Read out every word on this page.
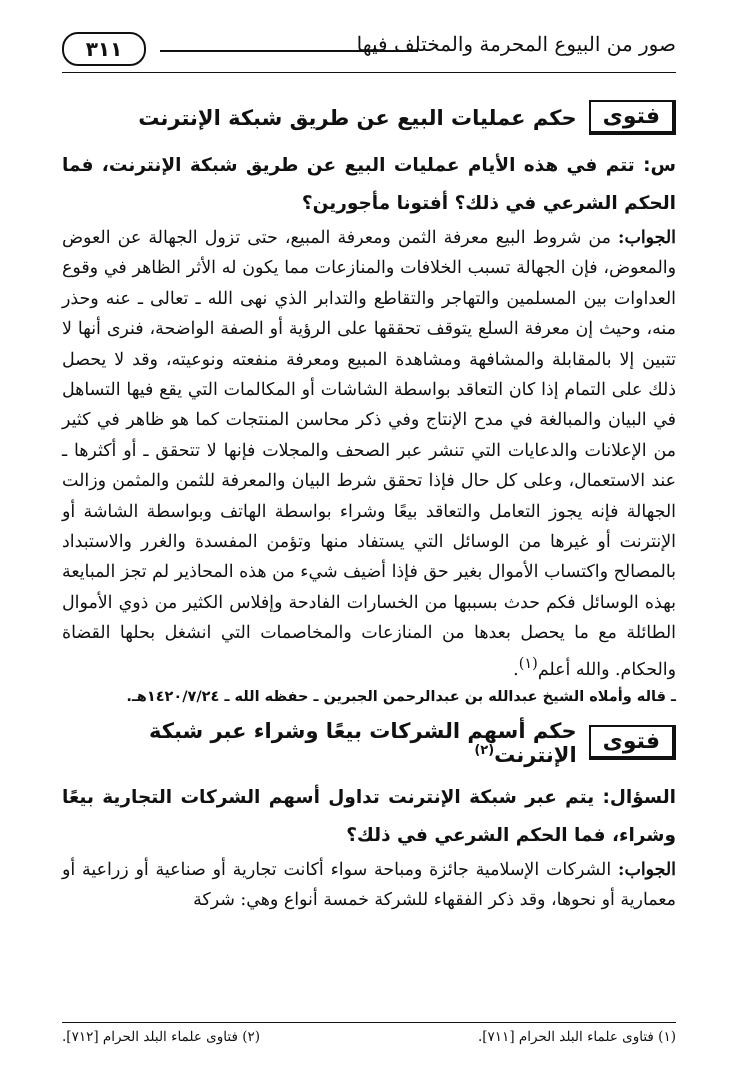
٣١١	صور من البيوع المحرمة والمختلف فيها
فتوى
حكم عمليات البيع عن طريق شبكة الإنترنت

س: تتم في هذه الأيام عمليات البيع عن طريق شبكة الإنترنت، فما الحكم الشرعي في ذلك؟ أفتونا مأجورين؟

الجواب: من شروط البيع معرفة الثمن ومعرفة المبيع، حتى تزول الجهالة عن العوض والمعوض، فإن الجهالة تسبب الخلافات والمنازعات مما يكون له الأثر الظاهر في وقوع العداوات بين المسلمين والتهاجر والتقاطع والتدابر الذي نهى الله ـ تعالى ـ عنه وحذر منه، وحيث إن معرفة السلع يتوقف تحققها على الرؤية أو الصفة الواضحة، فنرى أنها لا تتبين إلا بالمقابلة والمشافهة ومشاهدة المبيع ومعرفة منفعته ونوعيته، وقد لا يحصل ذلك على التمام إذا كان التعاقد بواسطة الشاشات أو المكالمات التي يقع فيها التساهل في البيان والمبالغة في مدح الإنتاج وفي ذكر محاسن المنتجات كما هو ظاهر في كثير من الإعلانات والدعايات التي تنشر عبر الصحف والمجلات فإنها لا تتحقق ـ أو أكثرها ـ عند الاستعمال، وعلى كل حال فإذا تحقق شرط البيان والمعرفة للثمن والمثمن وزالت الجهالة فإنه يجوز التعامل والتعاقد بيعًا وشراء بواسطة الهاتف وبواسطة الشاشة أو الإنترنت أو غيرها من الوسائل التي يستفاد منها وتؤمن المفسدة والغرر والاستبداد بالمصالح واكتساب الأموال بغير حق فإذا أضيف شيء من هذه المحاذير لم تجز المبايعة بهذه الوسائل فكم حدث بسببها من الخسارات الفادحة وإفلاس الكثير من ذوي الأموال الطائلة مع ما يحصل بعدها من المنازعات والمخاصمات التي انشغل بحلها القضاة والحكام. والله أعلم$^{(١)}$.

ـ قاله وأملاه الشيخ عبدالله بن عبدالرحمن الجبرين ـ حفظه الله ـ ١٤٢٠/٧/٢٤هـ.
فتوى
حكم أسهم الشركات بيعًا وشراء عبر شبكة الإنترنت$^{(٢)}$

السؤال: يتم عبر شبكة الإنترنت تداول أسهم الشركات التجارية بيعًا وشراء، فما الحكم الشرعي في ذلك؟

الجواب: الشركات الإسلامية جائزة ومباحة سواء أكانت تجارية أو صناعية أو زراعية أو معمارية أو نحوها، وقد ذكر الفقهاء للشركة خمسة أنواع وهي: شركة

(١) فتاوى علماء البلد الحرام [٧١١].
(٢) فتاوى علماء البلد الحرام [٧١٢].
